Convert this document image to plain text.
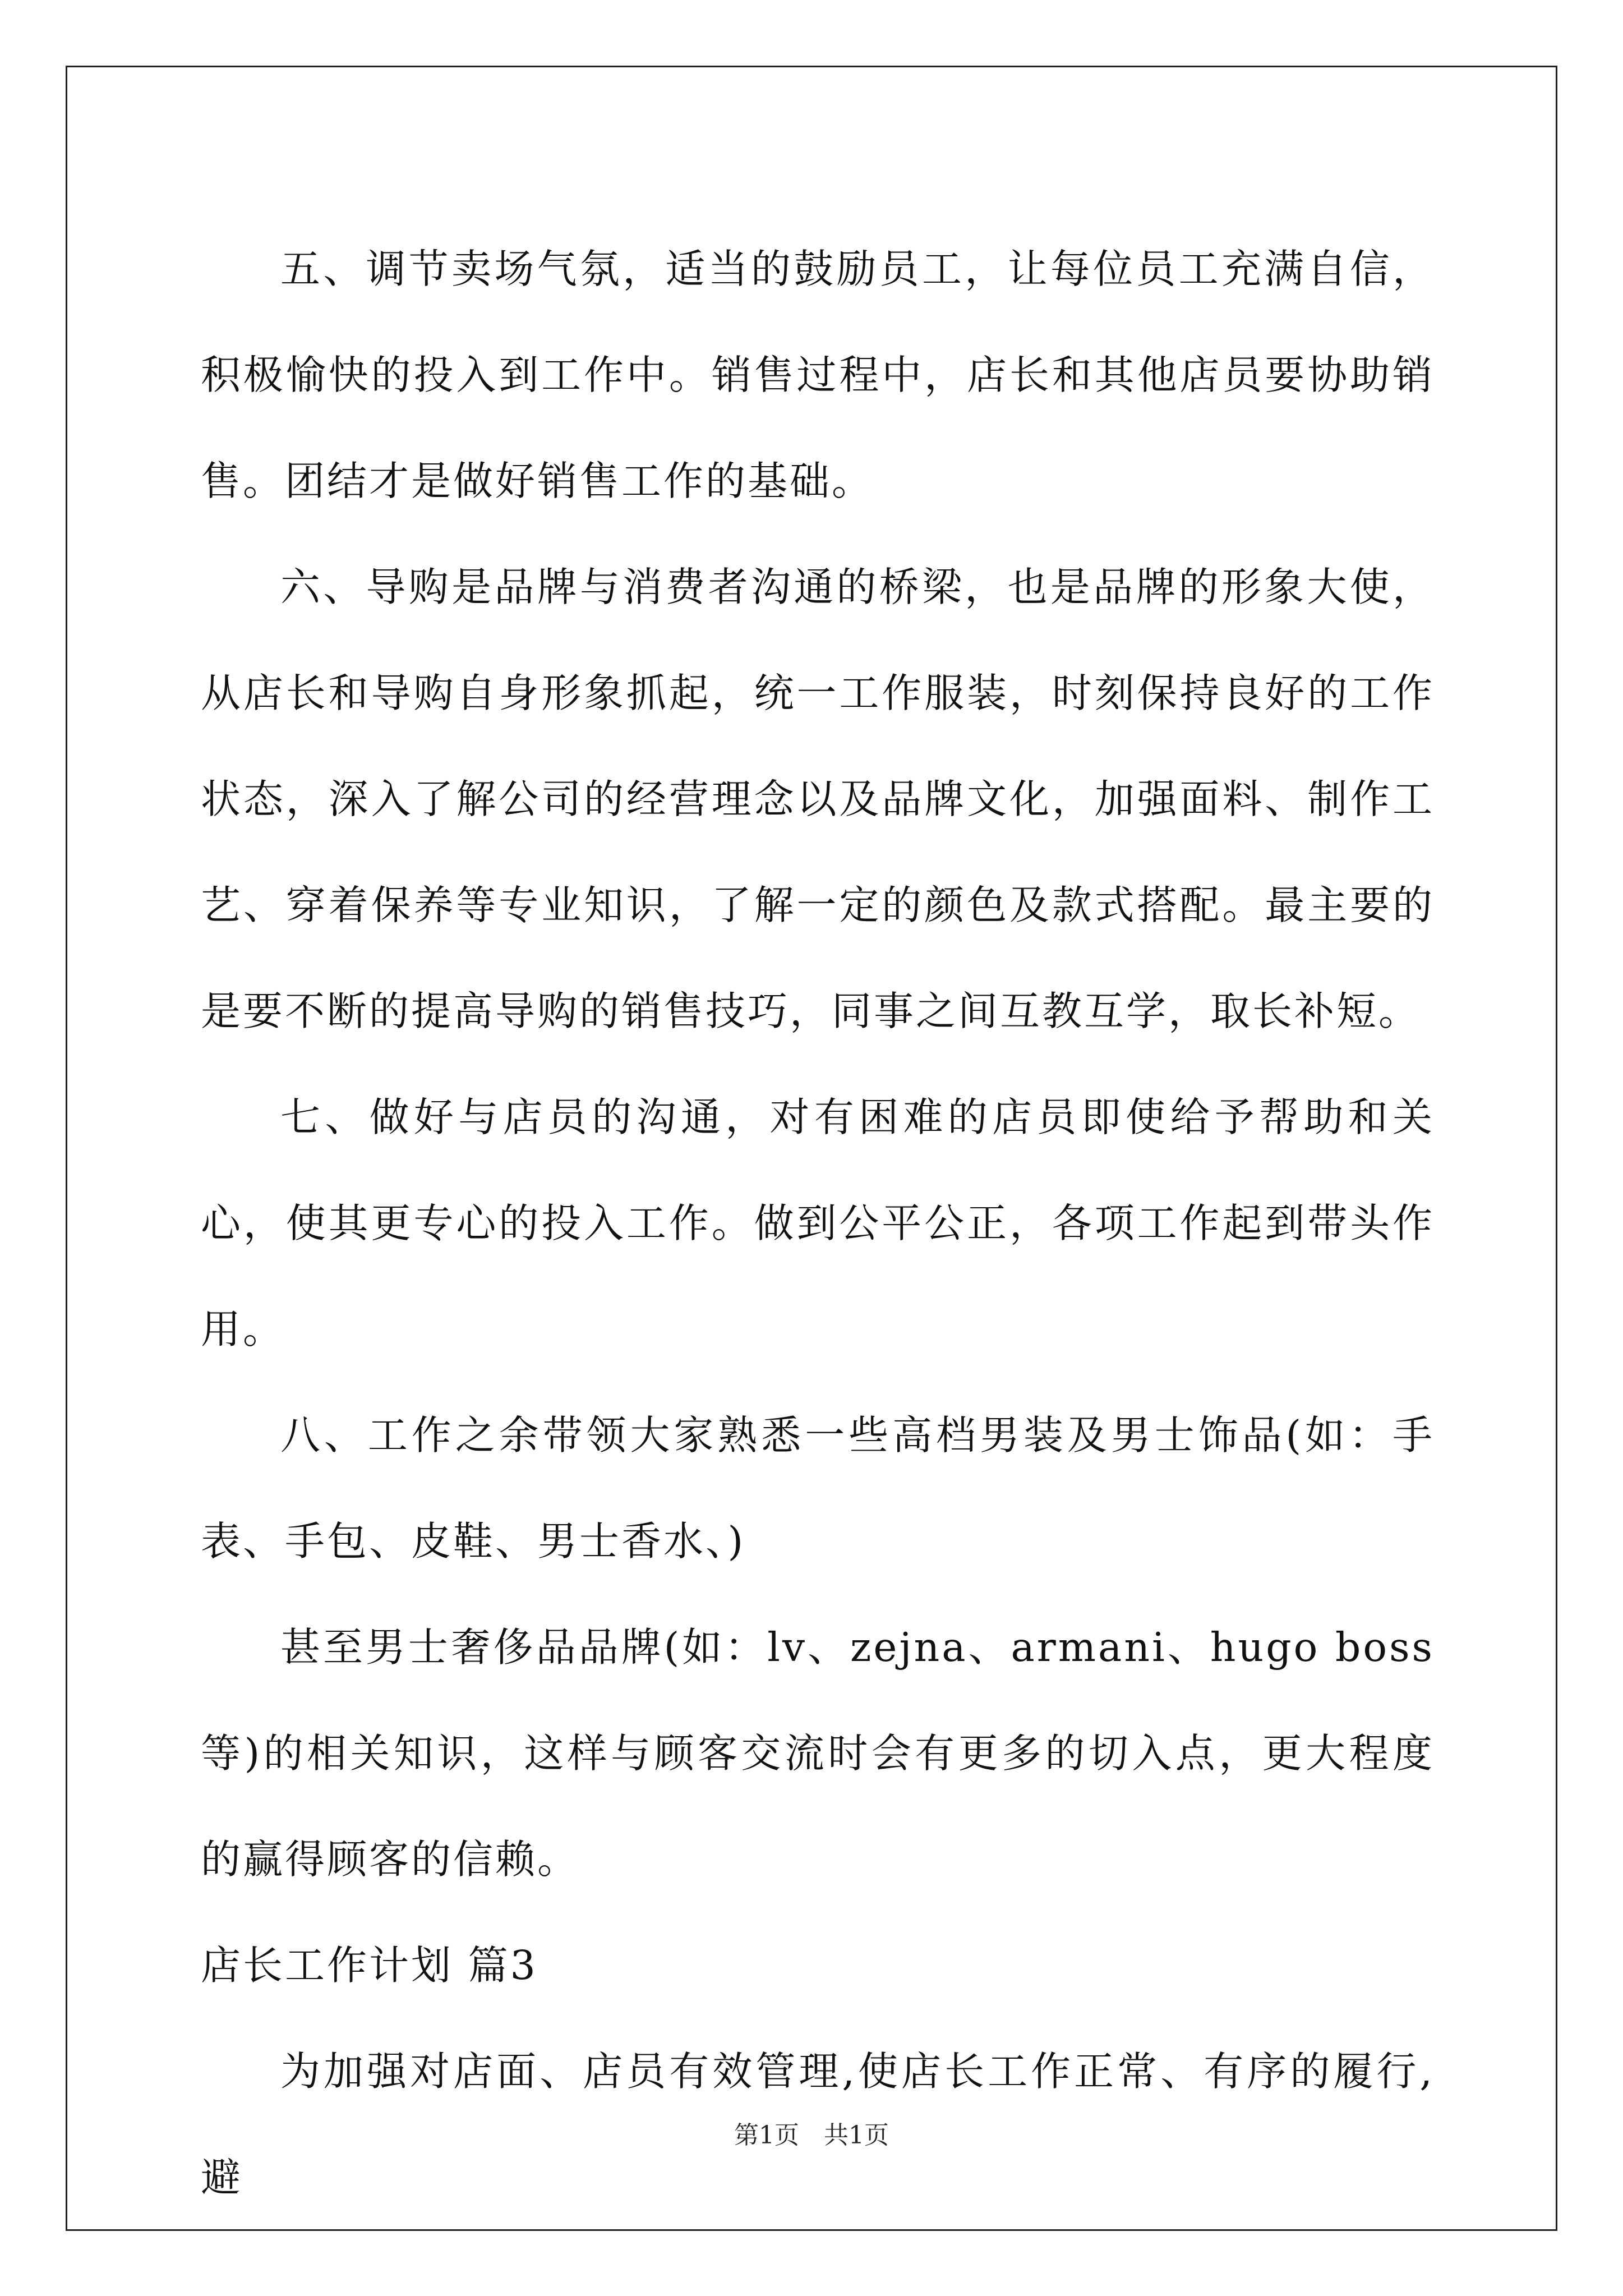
五、调节卖场气氛，适当的鼓励员工，让每位员工充满自信，积极愉快的投入到工作中。销售过程中，店长和其他店员要协助销售。团结才是做好销售工作的基础。

六、导购是品牌与消费者沟通的桥梁，也是品牌的形象大使，从店长和导购自身形象抓起，统一工作服装，时刻保持良好的工作状态，深入了解公司的经营理念以及品牌文化，加强面料、制作工艺、穿着保养等专业知识，了解一定的颜色及款式搭配。最主要的是要不断的提高导购的销售技巧，同事之间互教互学，取长补短。

七、做好与店员的沟通，对有困难的店员即使给予帮助和关心，使其更专心的投入工作。做到公平公正，各项工作起到带头作用。

八、工作之余带领大家熟悉一些高档男装及男士饰品(如：手表、手包、皮鞋、男士香水、)

甚至男士奢侈品品牌(如：lv、zejna、armani、hugo boss等)的相关知识，这样与顾客交流时会有更多的切入点，更大程度的赢得顾客的信赖。

店长工作计划 篇3

为加强对店面、店员有效管理,使店长工作正常、有序的履行,避

第1页　共1页
